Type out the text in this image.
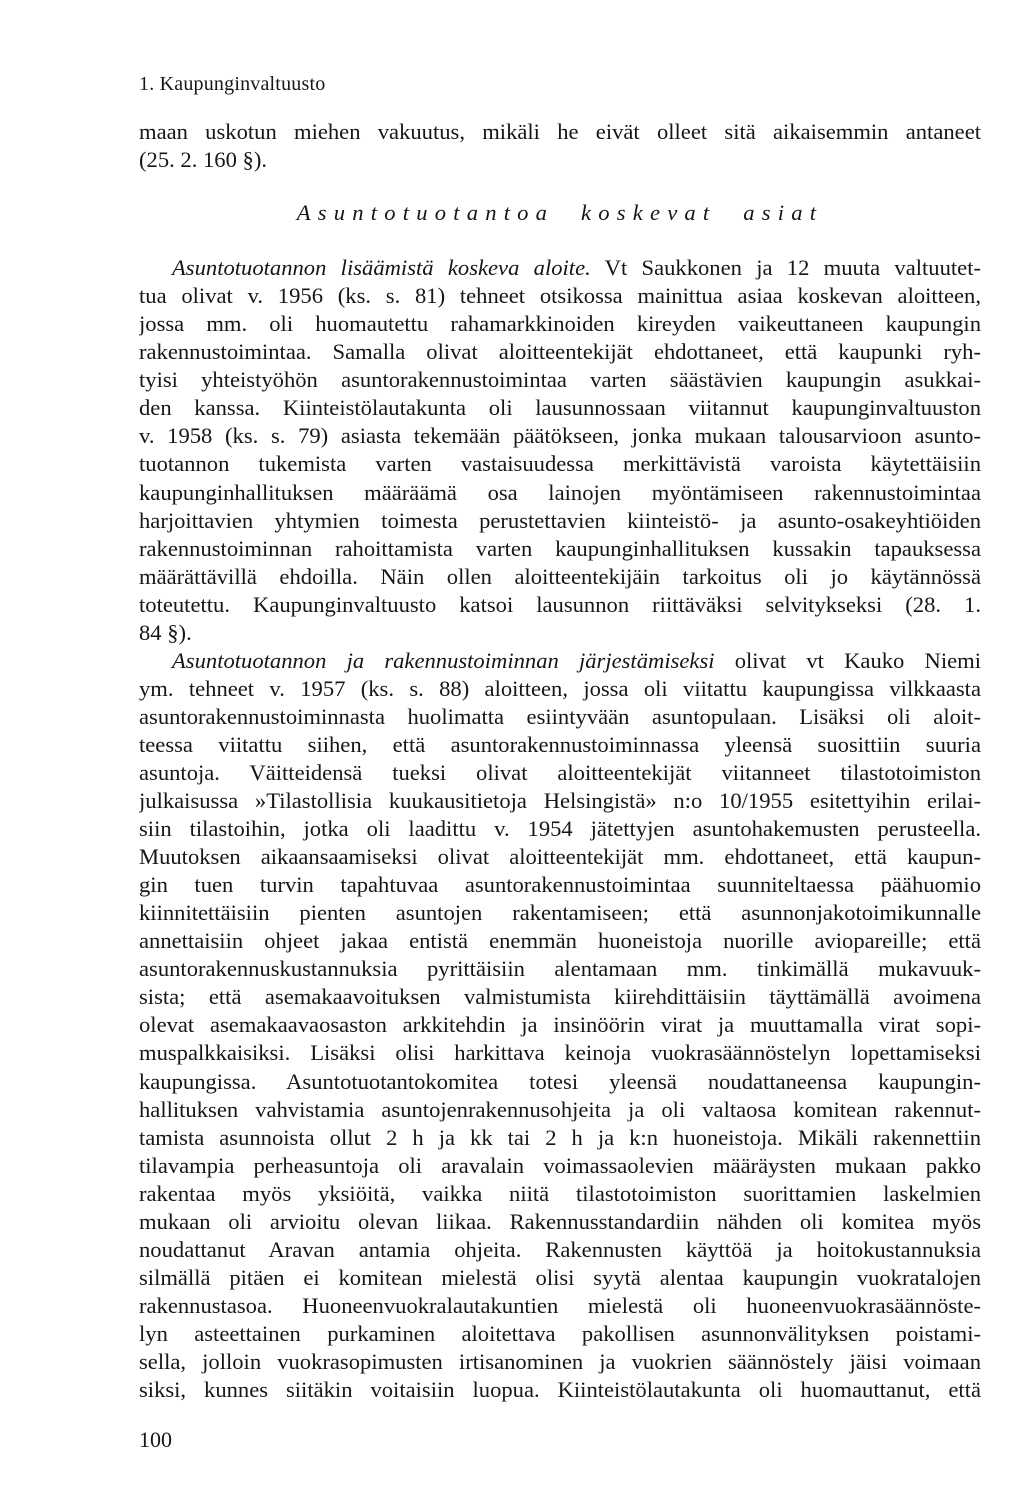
1. Kaupunginvaltuusto
maan uskotun miehen vakuutus, mikäli he eivät olleet sitä aikaisemmin antaneet
(25. 2. 160 §).
Asuntotuotantoa koskevat asiat
Asuntotuotannon lisäämistä koskeva aloite. Vt Saukkonen ja 12 muuta valtuutet-
tua olivat v. 1956 (ks. s. 81) tehneet otsikossa mainittua asiaa koskevan aloitteen,
jossa mm. oli huomautettu rahamarkkinoiden kireyden vaikeuttaneen kaupungin
rakennustoimintaa. Samalla olivat aloitteentekijät ehdottaneet, että kaupunki ryh-
tyisi yhteistyöhön asuntorakennustoimintaa varten säästävien kaupungin asukkai-
den kanssa. Kiinteistölautakunta oli lausunnossaan viitannut kaupunginvaltuuston
v. 1958 (ks. s. 79) asiasta tekemään päätökseen, jonka mukaan talousarvioon asunto-
tuotannon tukemista varten vastaisuudessa merkittävistä varoista käytettäisiin
kaupunginhallituksen määräämä osa lainojen myöntämiseen rakennustoimintaa
harjoittavien yhtymien toimesta perustettavien kiinteistö- ja asunto-osakeyhtiöiden
rakennustoiminnan rahoittamista varten kaupunginhallituksen kussakin tapauksessa
määrättävillä ehdoilla. Näin ollen aloitteentekijäin tarkoitus oli jo käytännössä
toteutettu. Kaupunginvaltuusto katsoi lausunnon riittäväksi selvitykseksi (28. 1.
84 §).
Asuntotuotannon ja rakennustoiminnan järjestämiseksi olivat vt Kauko Niemi
ym. tehneet v. 1957 (ks. s. 88) aloitteen, jossa oli viitattu kaupungissa vilkkaasta
asuntorakennustoiminnasta huolimatta esiintyvään asuntopulaan. Lisäksi oli aloit-
teessa viitattu siihen, että asuntorakennustoiminnassa yleensä suosittiin suuria
asuntoja. Väitteidensä tueksi olivat aloitteentekijät viitanneet tilastotoimiston
julkaisussa »Tilastollisia kuukausitietoja Helsingistä» n:o 10/1955 esitettyihin erilai-
siin tilastoihin, jotka oli laadittu v. 1954 jätettyjen asuntohakemusten perusteella.
Muutoksen aikaansaamiseksi olivat aloitteentekijät mm. ehdottaneet, että kaupun-
gin tuen turvin tapahtuvaa asuntorakennustoimintaa suunniteltaessa päähuomio
kiinnitettäisiin pienten asuntojen rakentamiseen; että asunnonjakotoimikunnalle
annettaisiin ohjeet jakaa entistä enemmän huoneistoja nuorille aviopareille; että
asuntorakennuskustannuksia pyrittäisiin alentamaan mm. tinkimällä mukavuuk-
sista; että asemakaavoituksen valmistumista kiirehdittäisiin täyttämällä avoimena
olevat asemakaavaosaston arkkitehdin ja insinöörin virat ja muuttamalla virat sopi-
muspalkkaisiksi. Lisäksi olisi harkittava keinoja vuokrasäännöstelyn lopettamiseksi
kaupungissa. Asuntotuotantokomitea totesi yleensä noudattaneensa kaupungin-
hallituksen vahvistamia asuntojenrakennusohjeita ja oli valtaosa komitean rakennut-
tamista asunnoista ollut 2 h ja kk tai 2 h ja k:n huoneistoja. Mikäli rakennettiin
tilavampia perheasuntoja oli aravalain voimassaolevien määräysten mukaan pakko
rakentaa myös yksiöitä, vaikka niitä tilastotoimiston suorittamien laskelmien
mukaan oli arvioitu olevan liikaa. Rakennusstandardiin nähden oli komitea myös
noudattanut Aravan antamia ohjeita. Rakennusten käyttöä ja hoitokustannuksia
silmällä pitäen ei komitean mielestä olisi syytä alentaa kaupungin vuokratalojen
rakennustasoa. Huoneenvuokralautakuntien mielestä oli huoneenvuokrasäännöste-
lyn asteettainen purkaminen aloitettava pakollisen asunnonvälityksen poistami-
sella, jolloin vuokrasopimusten irtisanominen ja vuokrien säännöstely jäisi voimaan
siksi, kunnes siitäkin voitaisiin luopua. Kiinteistölautakunta oli huomauttanut, että
100
